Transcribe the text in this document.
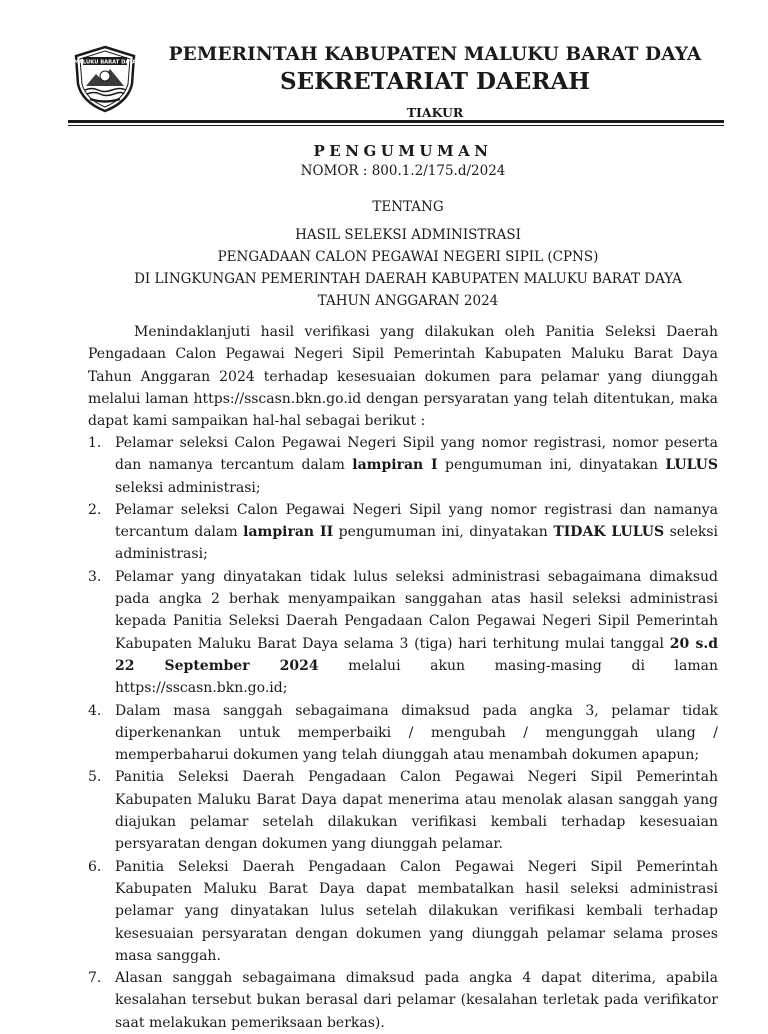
MALUKU BARAT DAYA PEMERINTAH KABUPATEN MALUKU BARAT DAYA
SEKRETARIAT DAERAH
TIAKUR
PENGUMUMAN
NOMOR : 800.1.2/175.d/2024
TENTANG
HASIL SELEKSI ADMINISTRASI
PENGADAAN CALON PEGAWAI NEGERI SIPIL (CPNS)
DI LINGKUNGAN PEMERINTAH DAERAH KABUPATEN MALUKU BARAT DAYA
TAHUN ANGGARAN 2024

Menindaklanjuti hasil verifikasi yang dilakukan oleh Panitia Seleksi Daerah Pengadaan Calon Pegawai Negeri Sipil Pemerintah Kabupaten Maluku Barat Daya Tahun Anggaran 2024 terhadap kesesuaian dokumen para pelamar yang diunggah melalui laman https://sscasn.bkn.go.id dengan persyaratan yang telah ditentukan, maka dapat kami sampaikan hal-hal sebagai berikut :

1. Pelamar seleksi Calon Pegawai Negeri Sipil yang nomor registrasi, nomor peserta dan namanya tercantum dalam lampiran I pengumuman ini, dinyatakan LULUS seleksi administrasi;
2. Pelamar seleksi Calon Pegawai Negeri Sipil yang nomor registrasi dan namanya tercantum dalam lampiran II pengumuman ini, dinyatakan TIDAK LULUS seleksi administrasi;
3. Pelamar yang dinyatakan tidak lulus seleksi administrasi sebagaimana dimaksud pada angka 2 berhak menyampaikan sanggahan atas hasil seleksi administrasi kepada Panitia Seleksi Daerah Pengadaan Calon Pegawai Negeri Sipil Pemerintah Kabupaten Maluku Barat Daya selama 3 (tiga) hari terhitung mulai tanggal 20 s.d 22 September 2024 melalui akun masing-masing di laman https://sscasn.bkn.go.id;
4. Dalam masa sanggah sebagaimana dimaksud pada angka 3, pelamar tidak diperkenankan untuk memperbaiki / mengubah / mengunggah ulang / memperbaharui dokumen yang telah diunggah atau menambah dokumen apapun;
5. Panitia Seleksi Daerah Pengadaan Calon Pegawai Negeri Sipil Pemerintah Kabupaten Maluku Barat Daya dapat menerima atau menolak alasan sanggah yang diajukan pelamar setelah dilakukan verifikasi kembali terhadap kesesuaian persyaratan dengan dokumen yang diunggah pelamar.
6. Panitia Seleksi Daerah Pengadaan Calon Pegawai Negeri Sipil Pemerintah Kabupaten Maluku Barat Daya dapat membatalkan hasil seleksi administrasi pelamar yang dinyatakan lulus setelah dilakukan verifikasi kembali terhadap kesesuaian persyaratan dengan dokumen yang diunggah pelamar selama proses masa sanggah.
7. Alasan sanggah sebagaimana dimaksud pada angka 4 dapat diterima, apabila kesalahan tersebut bukan berasal dari pelamar (kesalahan terletak pada verifikator saat melakukan pemeriksaan berkas).
